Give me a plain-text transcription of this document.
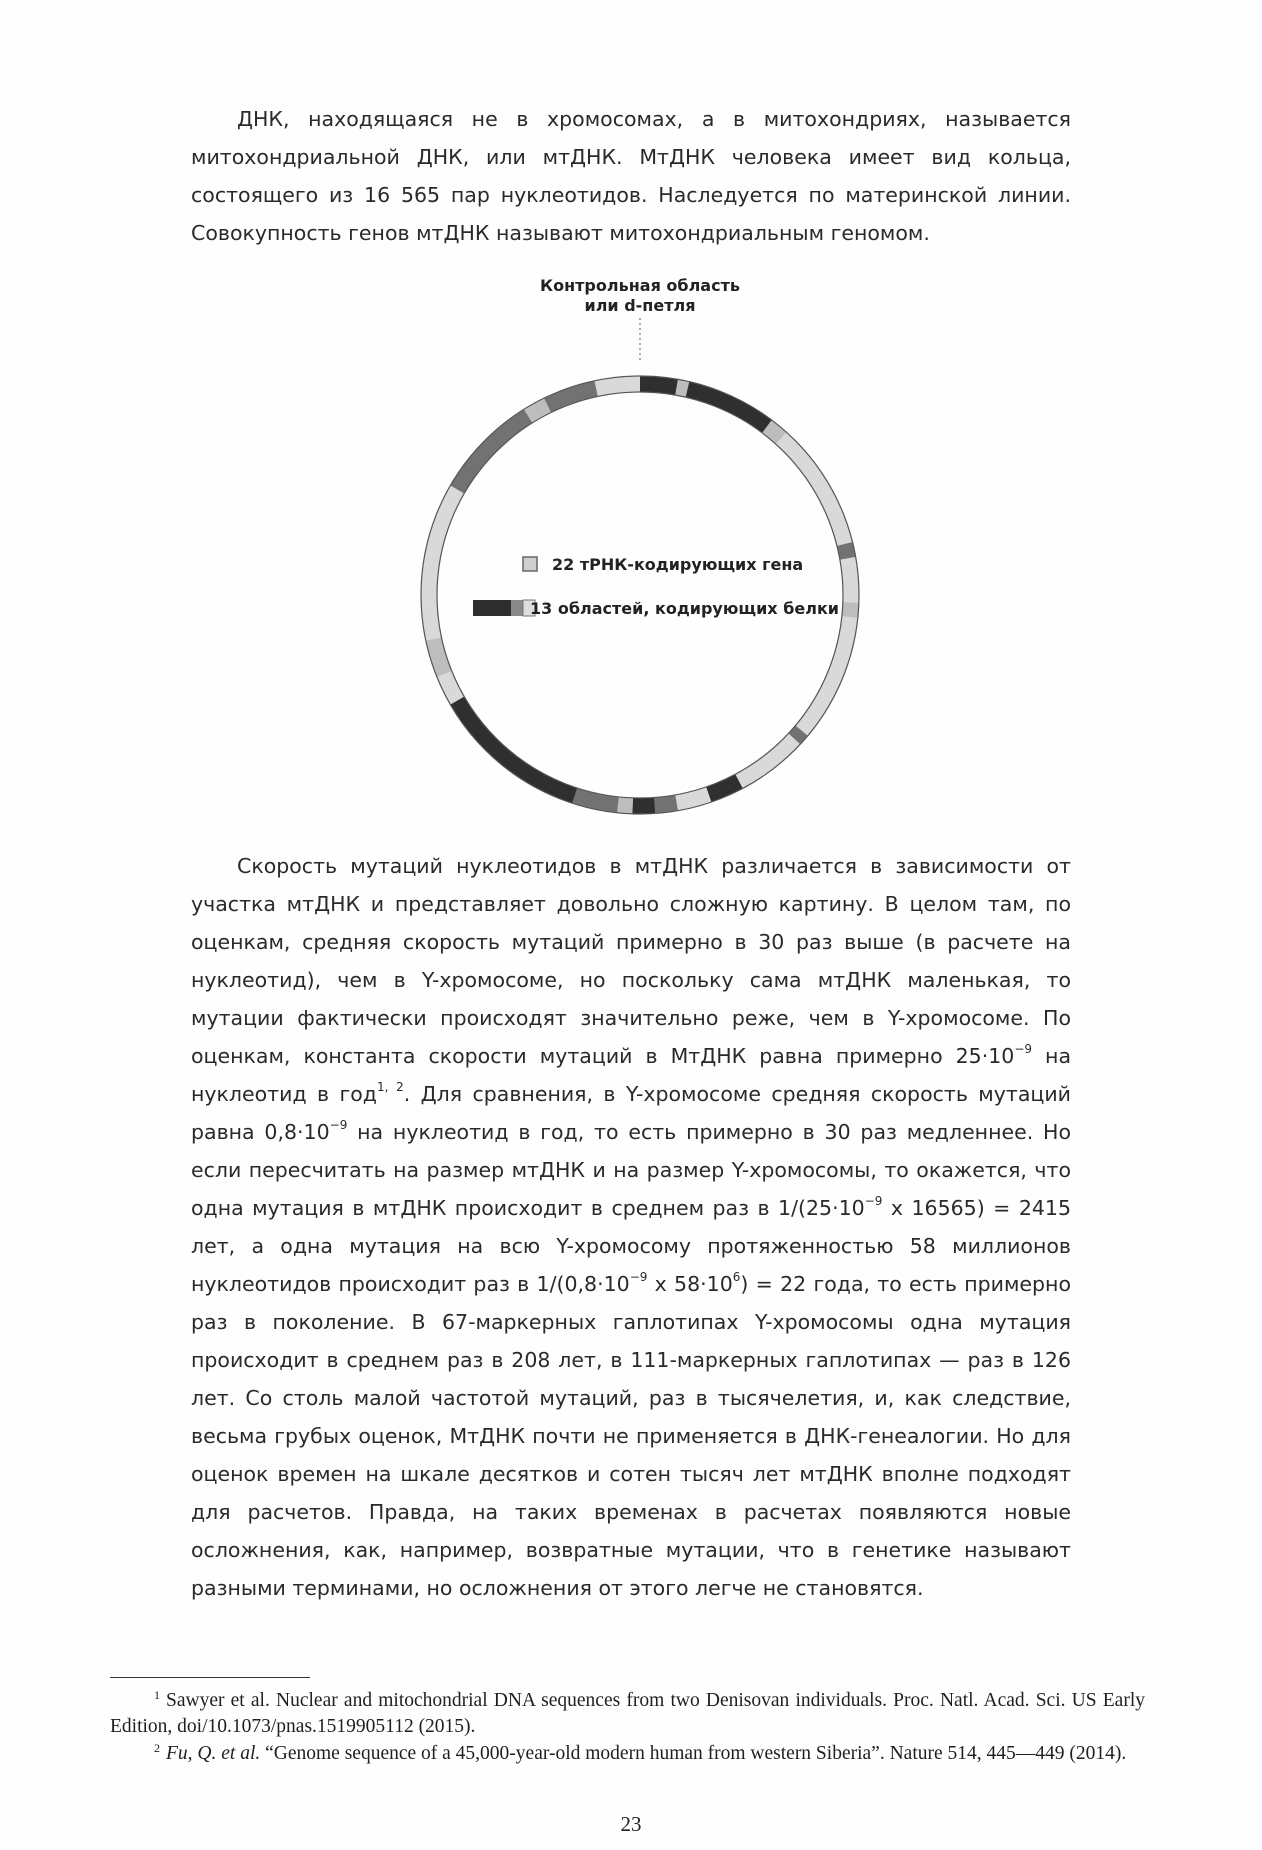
ДНК, находящаяся не в хромосомах, а в митохондриях, называется митохондриальной ДНК, или мтДНК. МтДНК человека имеет вид кольца, состоящего из 16 565 пар нуклеотидов. Наследуется по материнской линии. Совокупность генов мтДНК называют митохондриальным геномом.

Контрольная область
или d-петля
22 тРНК-кодирующих гена
13 областей, кодирующих белки

Скорость мутаций нуклеотидов в мтДНК различается в зависимости от участка мтДНК и представляет довольно сложную картину. В целом там, по оценкам, средняя скорость мутаций примерно в 30 раз выше (в расчете на нуклеотид), чем в Y-хромосоме, но поскольку сама мтДНК маленькая, то мутации фактически происходят значительно реже, чем в Y-хромосоме. По оценкам, константа скорости мутаций в МтДНК равна примерно $25\cdot 10^{-9}$ на нуклеотид в год$^{1, 2}$. Для сравнения, в Y-хромосоме средняя скорость мутаций равна $0,8\cdot 10^{-9}$ на нуклеотид в год, то есть примерно в 30 раз медленнее. Но если пересчитать на размер мтДНК и на размер Y-хромосомы, то окажется, что одна мутация в мтДНК происходит в среднем раз в $1/(25\cdot 10^{-9}$ x 16565) = 2415 лет, а одна мутация на всю Y-хромосому протяженностью 58 миллионов нуклеотидов происходит раз в $1/(0,8\cdot 10^{-9}$ x $58\cdot 10^6) = 22$ года, то есть примерно раз в поколение. В 67-маркерных гаплотипах Y-хромосомы одна мутация происходит в среднем раз в 208 лет, в 111-маркерных гаплотипах — раз в 126 лет. Со столь малой частотой мутаций, раз в тысячелетия, и, как следствие, весьма грубых оценок, МтДНК почти не применяется в ДНК-генеалогии. Но для оценок времен на шкале десятков и сотен тысяч лет мтДНК вполне подходят для расчетов. Правда, на таких временах в расчетах появляются новые осложнения, как, например, возвратные мутации, что в генетике называют разными терминами, но осложнения от этого легче не становятся.

$^1$ Sawyer et al. Nuclear and mitochondrial DNA sequences from two Denisovan individuals. Proc. Natl. Acad. Sci. US Early Edition, doi/10.1073/pnas.1519905112 (2015).

$^2$ Fu, Q. et al. “Genome sequence of a 45,000-year-old modern human from western Siberia”. Nature 514, 445—449 (2014).

23
